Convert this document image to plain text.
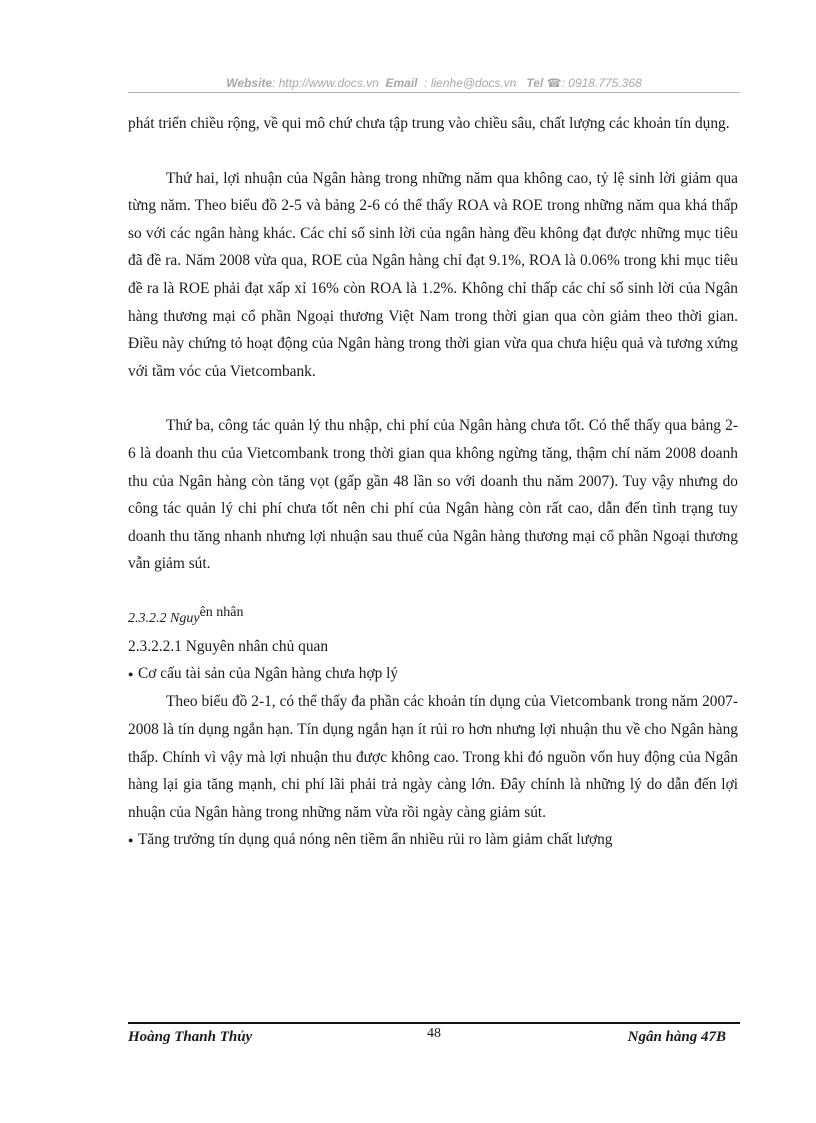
Website: http://www.docs.vn Email : lienhe@docs.vn Tel ☎: 0918.775.368

phát triển chiều rộng, về qui mô chứ chưa tập trung vào chiều sâu, chất lượng các khoản tín dụng.

Thứ hai, lợi nhuận của Ngân hàng trong những năm qua không cao, tỷ lệ sinh lời giảm qua từng năm. Theo biểu đồ 2-5 và bảng 2-6 có thể thấy ROA và ROE trong những năm qua khá thấp so với các ngân hàng khác. Các chỉ số sinh lời của ngân hàng đều không đạt được những mục tiêu đã đề ra. Năm 2008 vừa qua, ROE của Ngân hàng chỉ đạt 9.1%, ROA là 0.06% trong khi mục tiêu đề ra là ROE phải đạt xấp xỉ 16% còn ROA là 1.2%. Không chỉ thấp các chỉ số sinh lời của Ngân hàng thương mại cổ phần Ngoại thương Việt Nam trong thời gian qua còn giảm theo thời gian. Điều này chứng tỏ hoạt động của Ngân hàng trong thời gian vừa qua chưa hiệu quả và tương xứng với tầm vóc của Vietcombank.

Thứ ba, công tác quản lý thu nhập, chi phí của Ngân hàng chưa tốt. Có thể thấy qua bảng 2-6 là doanh thu của Vietcombank trong thời gian qua không ngừng tăng, thậm chí năm 2008 doanh thu của Ngân hàng còn tăng vọt (gấp gần 48 lần so với doanh thu năm 2007). Tuy vậy nhưng do công tác quản lý chi phí chưa tốt nên chi phí của Ngân hàng còn rất cao, dẫn đến tình trạng tuy doanh thu tăng nhanh nhưng lợi nhuận sau thuế của Ngân hàng thương mại cổ phần Ngoại thương vẫn giảm sút.

2.3.2.2 Nguyên nhân

2.3.2.2.1 Nguyên nhân chủ quan

● Cơ cấu tài sản của Ngân hàng chưa hợp lý

Theo biểu đồ 2-1, có thể thấy đa phần các khoản tín dụng của Vietcombank trong năm 2007-2008 là tín dụng ngắn hạn. Tín dụng ngắn hạn ít rủi ro hơn nhưng lợi nhuận thu về cho Ngân hàng thấp. Chính vì vậy mà lợi nhuận thu được không cao. Trong khi đó nguồn vốn huy động của Ngân hàng lại gia tăng mạnh, chi phí lãi phải trả ngày càng lớn. Đây chính là những lý do dẫn đến lợi nhuận của Ngân hàng trong những năm vừa rồi ngày càng giảm sút.

● Tăng trưởng tín dụng quá nóng nên tiềm ẩn nhiều rủi ro làm giảm chất lượng

Hoàng Thanh Thủy	48	Ngân hàng 47B
